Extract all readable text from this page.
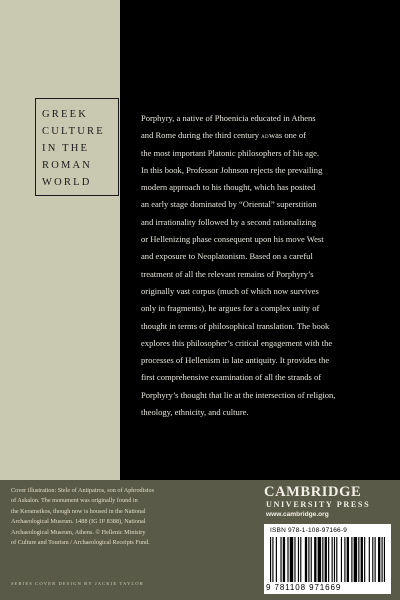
GREEK
CULTURE
IN THE
ROMAN
WORLD
Porphyry, a native of Phoenicia educated in Athens
and Rome during the third century adwas one of
the most important Platonic philosophers of his age.
In this book, Professor Johnson rejects the prevailing
modern approach to his thought, which has posited
an early stage dominated by “Oriental” superstition
and irrationality followed by a second rationalizing
or Hellenizing phase consequent upon his move West
and exposure to Neoplatonism. Based on a careful
treatment of all the relevant remains of Porphyry’s
originally vast corpus (much of which now survives
only in fragments), he argues for a complex unity of
thought in terms of philosophical translation. The book
explores this philosopher’s critical engagement with the
processes of Hellenism in late antiquity. It provides the
first comprehensive examination of all the strands of
Porphyry’s thought that lie at the intersection of religion,
theology, ethnicity, and culture.
Cover illustration: Stele of Antipatros, son of Aphrodisios
of Askalon. The monument was originally found in
the Kerameikos, though now is housed in the National
Archaeological Museum. 1488 (IG II² 8388), National
Archaeological Museum, Athens. © Hellenic Ministry
of Culture and Tourism / Archaeological Receipts Fund.
SERIES COVER DESIGN BY JACKIE TAYLOR
CAMBRIDGE
UNIVERSITY PRESS
www.cambridge.org
ISBN 978-1-108-97166-9
9 781108 971669
